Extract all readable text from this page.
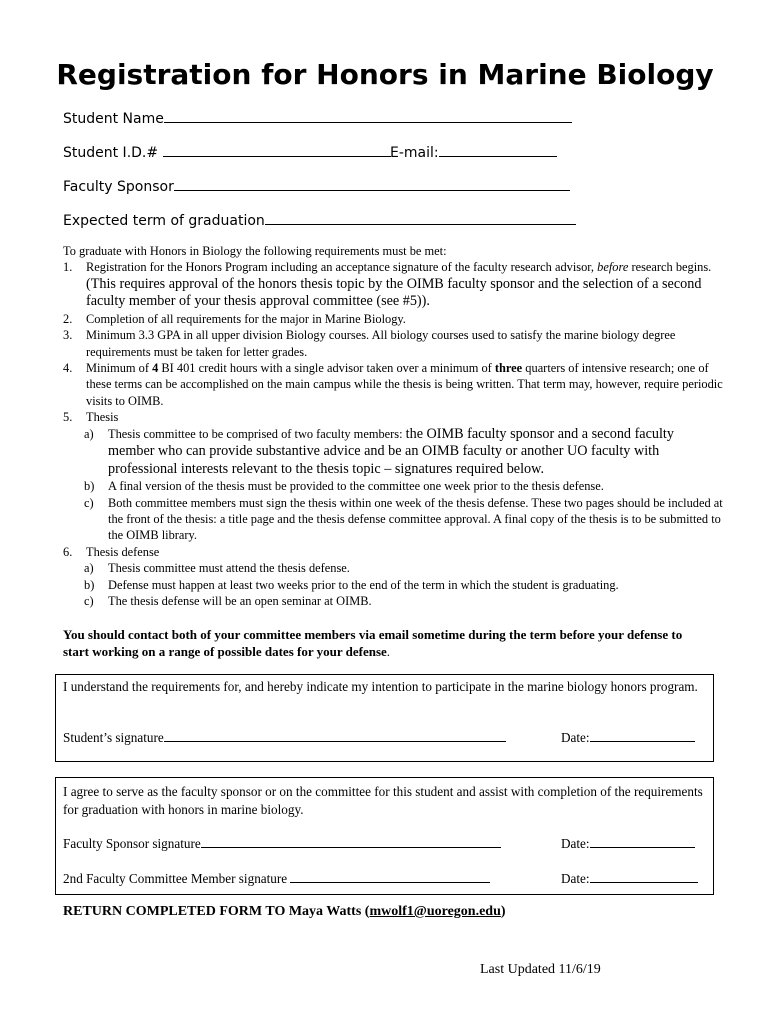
Registration for Honors in Marine Biology
Student Name
Student I.D.#	E-mail:
Faculty Sponsor
Expected term of graduation

To graduate with Honors in Biology the following requirements must be met:

1. Registration for the Honors Program including an acceptance signature of the faculty research advisor, before research begins. (This requires approval of the honors thesis topic by the OIMB faculty sponsor and the selection of a second faculty member of your thesis approval committee (see #5)).
2. Completion of all requirements for the major in Marine Biology.
3. Minimum 3.3 GPA in all upper division Biology courses. All biology courses used to satisfy the marine biology degree requirements must be taken for letter grades.
4. Minimum of 4 BI 401 credit hours with a single advisor taken over a minimum of three quarters of intensive research; one of these terms can be accomplished on the main campus while the thesis is being written. That term may, however, require periodic visits to OIMB.
5. Thesis
a) Thesis committee to be comprised of two faculty members: the OIMB faculty sponsor and a second faculty member who can provide substantive advice and be an OIMB faculty or another UO faculty with professional interests relevant to the thesis topic – signatures required below.
b) A final version of the thesis must be provided to the committee one week prior to the thesis defense.
c) Both committee members must sign the thesis within one week of the thesis defense. These two pages should be included at the front of the thesis: a title page and the thesis defense committee approval. A final copy of the thesis is to be submitted to the OIMB library.
6. Thesis defense
a) Thesis committee must attend the thesis defense.
b) Defense must happen at least two weeks prior to the end of the term in which the student is graduating.
c) The thesis defense will be an open seminar at OIMB.
You should contact both of your committee members via email sometime during the term before your defense to start working on a range of possible dates for your defense.
I understand the requirements for, and hereby indicate my intention to participate in the marine biology honors program.
Student’s signature	Date:
I agree to serve as the faculty sponsor or on the committee for this student and assist with completion of the requirements for graduation with honors in marine biology.
Faculty Sponsor signature	Date:
2nd Faculty Committee Member signature	Date:
RETURN COMPLETED FORM TO Maya Watts (mwolf1@uoregon.edu)
Last Updated 11/6/19
